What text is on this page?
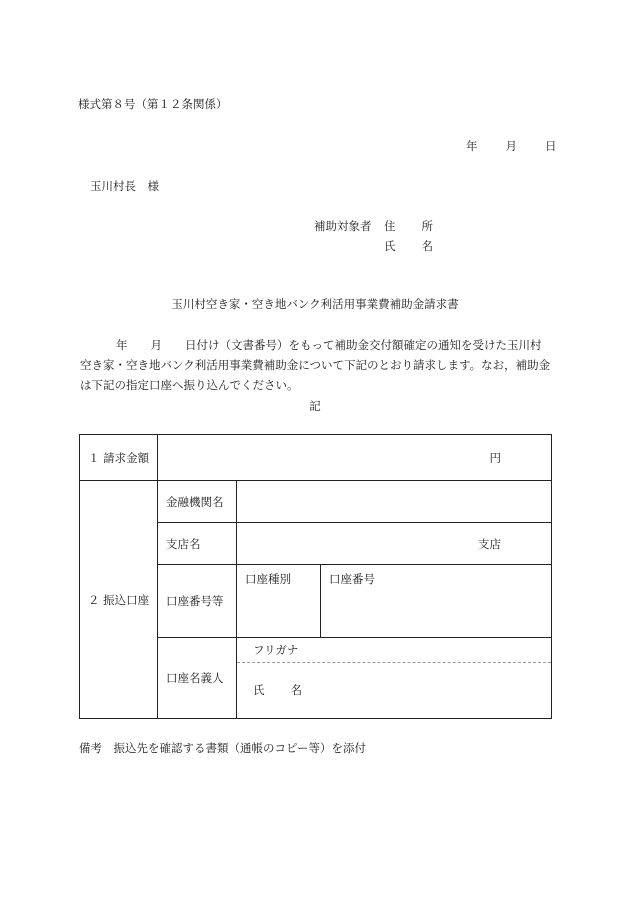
様式第８号（第１２条関係）
年 月 日
玉川村長　様
補助対象者 住 所
氏 名
玉川村空き家・空き地バンク利活用事業費補助金請求書

年　　月　　日付け（文書番号）をもって補助金交付額確定の通知を受けた玉川村空き家・空き地バンク利活用事業費補助金について下記のとおり請求します。なお，補助金は下記の指定口座へ振り込んでください。

記
１ 請求金額	円		
２ 振込口座	金融機関名		
	支店名	支店	
	口座番号等	口座種別	口座番号
	口座名義人	フリガナ
氏 名	
備考　振込先を確認する書類（通帳のコピー等）を添付
